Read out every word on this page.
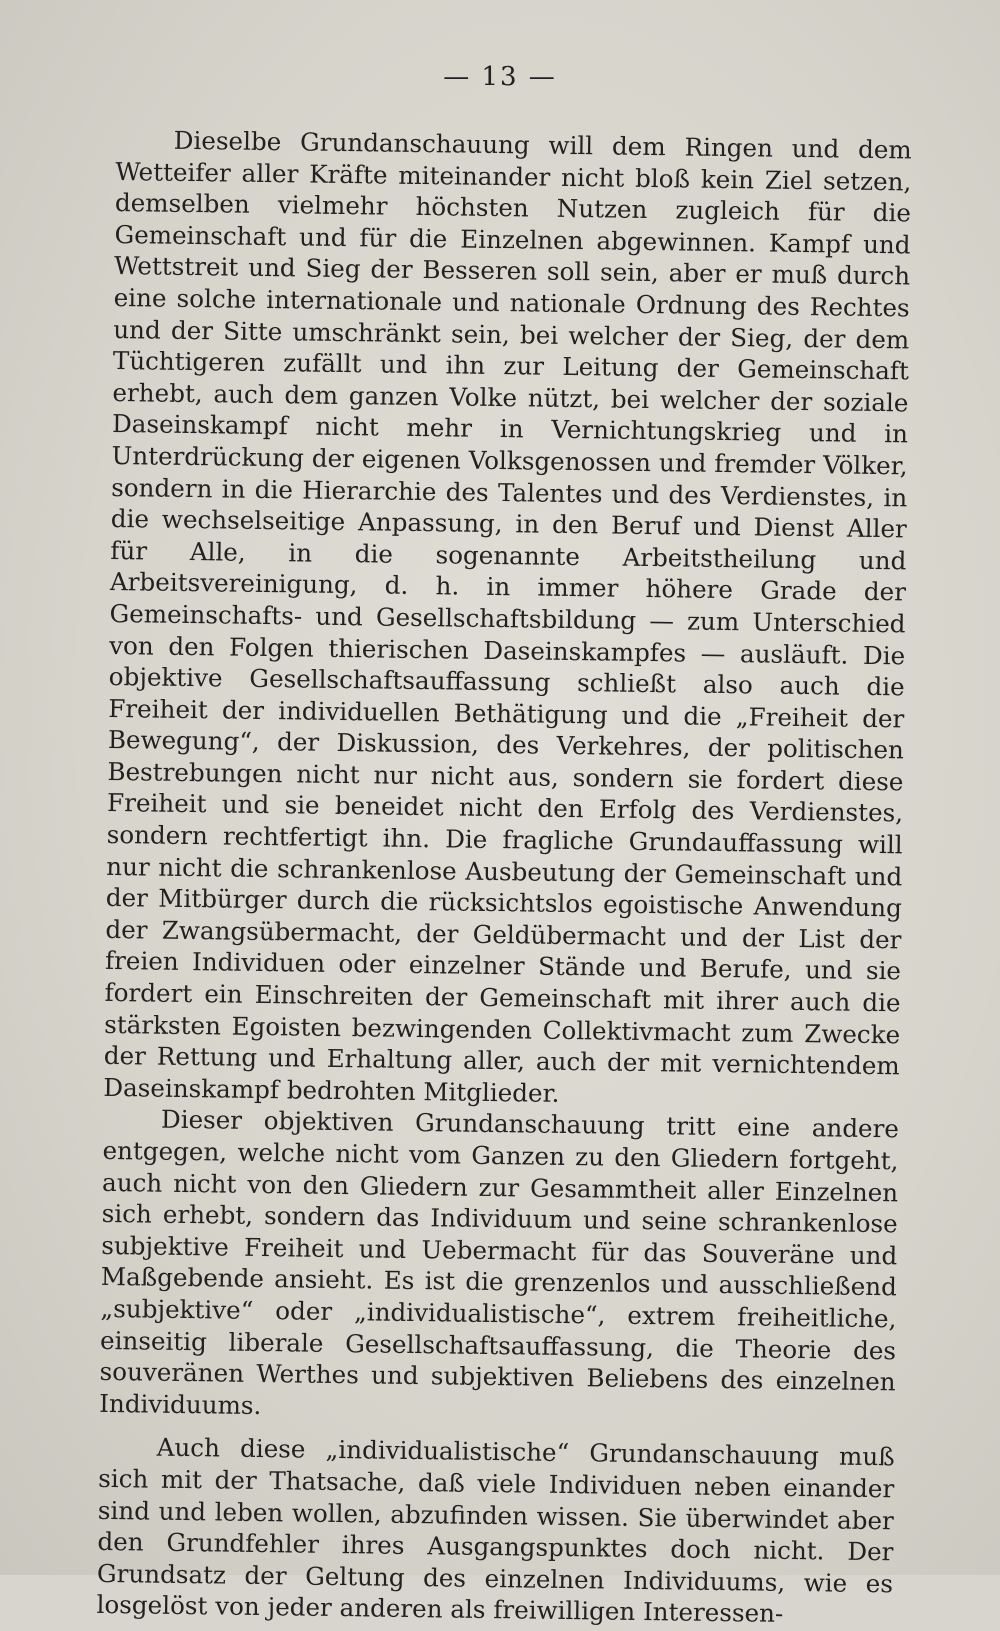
— 13 —

Dieselbe Grundanschauung will dem Ringen und dem Wetteifer aller Kräfte miteinander nicht bloß kein Ziel setzen, demselben vielmehr höchsten Nutzen zugleich für die Gemeinschaft und für die Einzelnen abgewinnen. Kampf und Wettstreit und Sieg der Besseren soll sein, aber er muß durch eine solche internationale und nationale Ordnung des Rechtes und der Sitte umschränkt sein, bei welcher der Sieg, der dem Tüchtigeren zufällt und ihn zur Leitung der Gemeinschaft erhebt, auch dem ganzen Volke nützt, bei welcher der soziale Daseinskampf nicht mehr in Vernichtungskrieg und in Unterdrückung der eigenen Volksgenossen und fremder Völker, sondern in die Hierarchie des Talentes und des Verdienstes, in die wechselseitige Anpassung, in den Beruf und Dienst Aller für Alle, in die sogenannte Arbeitstheilung und Arbeitsvereinigung, d. h. in immer höhere Grade der Gemeinschafts- und Gesellschaftsbildung — zum Unterschied von den Folgen thierischen Daseinskampfes — ausläuft. Die objektive Gesellschaftsauffassung schließt also auch die Freiheit der individuellen Bethätigung und die „Freiheit der Bewegung“, der Diskussion, des Verkehres, der politischen Bestrebungen nicht nur nicht aus, sondern sie fordert diese Freiheit und sie beneidet nicht den Erfolg des Verdienstes, sondern rechtfertigt ihn. Die fragliche Grundauffassung will nur nicht die schrankenlose Ausbeutung der Gemeinschaft und der Mitbürger durch die rücksichtslos egoistische Anwendung der Zwangsübermacht, der Geldübermacht und der List der freien Individuen oder einzelner Stände und Berufe, und sie fordert ein Einschreiten der Gemeinschaft mit ihrer auch die stärksten Egoisten bezwingenden Collektivmacht zum Zwecke der Rettung und Erhaltung aller, auch der mit vernichtendem Daseinskampf bedrohten Mitglieder.

Dieser objektiven Grundanschauung tritt eine andere entgegen, welche nicht vom Ganzen zu den Gliedern fortgeht, auch nicht von den Gliedern zur Gesammtheit aller Einzelnen sich erhebt, sondern das Individuum und seine schrankenlose subjektive Freiheit und Uebermacht für das Souveräne und Maßgebende ansieht. Es ist die grenzenlos und ausschließend „subjektive“ oder „individualistische“, extrem freiheitliche, einseitig liberale Gesellschaftsauffassung, die Theorie des souveränen Werthes und subjektiven Beliebens des einzelnen Individuums.

Auch diese „individualistische“ Grundanschauung muß sich mit der Thatsache, daß viele Individuen neben einander sind und leben wollen, abzufinden wissen. Sie überwindet aber den Grundfehler ihres Ausgangspunktes doch nicht. Der Grundsatz der Geltung des einzelnen Individuums, wie es losgelöst von jeder anderen als freiwilligen Interessen-
